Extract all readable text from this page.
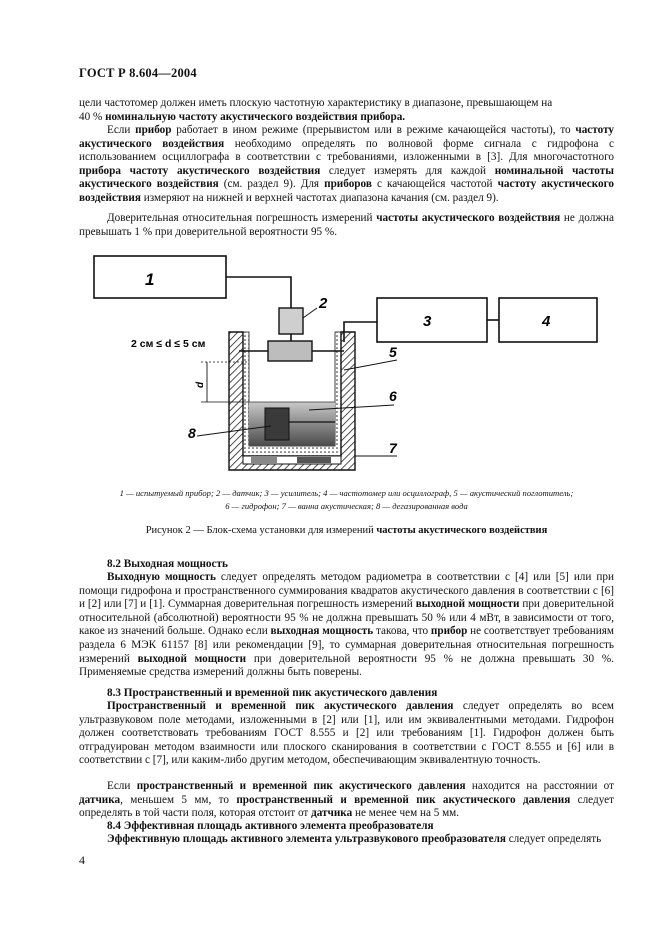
ГОСТ Р 8.604—2004

цели частотомер должен иметь плоскую частотную характеристику в диапазоне, превышающем на
40 % номинальную частоту акустического воздействия прибора.

Если прибор работает в ином режиме (прерывистом или в режиме качающейся частоты), то частоту акустического воздействия необходимо определять по волновой форме сигнала с гидрофона с использованием осциллографа в соответствии с требованиями, изложенными в [3]. Для многочастотного прибора частоту акустического воздействия следует измерять для каждой номинальной частоты акустического воздействия (см. раздел 9). Для приборов с качающейся частотой частоту акустического воздействия измеряют на нижней и верхней частотах диапазона качания (см. раздел 9).

Доверительная относительная погрешность измерений частоты акустического воздействия не должна превышать 1 % при доверительной вероятности 95 %.

1
2
3	4
d
2 см ≤ d ≤ 5 см	5
6
7
8
1 — испытуемый прибор; 2 — датчик; 3 — усилитель; 4 — частотомер или осциллограф, 5 — акустический поглотитель;
6 — гидрофон; 7 — ванна акустическая; 8 — дегазированная вода
Рисунок 2 — Блок-схема установки для измерений частоты акустического воздействия
8.2 Выходная мощность

Выходную мощность следует определять методом радиометра в соответствии с [4] или [5] или при помощи гидрофона и пространственного суммирования квадратов акустического давления в соответствии с [6] и [2] или [7] и [1]. Суммарная доверительная погрешность измерений выходной мощности при доверительной относительной (абсолютной) вероятности 95 % не должна превышать 50 % или 4 мВт, в зависимости от того, какое из значений больше. Однако если выходная мощность такова, что прибор не соответствует требованиям раздела 6 МЭК 61157 [8] или рекомендации [9], то суммарная доверительная относительная погрешность измерений выходной мощности при доверительной вероятности 95 % не должна превышать 30 %. Применяемые средства измерений должны быть поверены.

8.3 Пространственный и временной пик акустического давления

Пространственный и временной пик акустического давления следует определять во всем ультразвуковом поле методами, изложенными в [2] или [1], или им эквивалентными методами. Гидрофон должен соответствовать требованиям ГОСТ 8.555 и [2] или требованиям [1]. Гидрофон должен быть отградуирован методом взаимности или плоского сканирования в соответствии с ГОСТ 8.555 и [6] или в соответствии с [7], или каким-либо другим методом, обеспечивающим эквивалентную точность.

Если пространственный и временной пик акустического давления находится на расстоянии от датчика, меньшем 5 мм, то пространственный и временной пик акустического давления следует определять в той части поля, которая отстоит от датчика не менее чем на 5 мм.

8.4 Эффективная площадь активного элемента преобразователя

Эффективную площадь активного элемента ультразвукового преобразователя следует определять

4
